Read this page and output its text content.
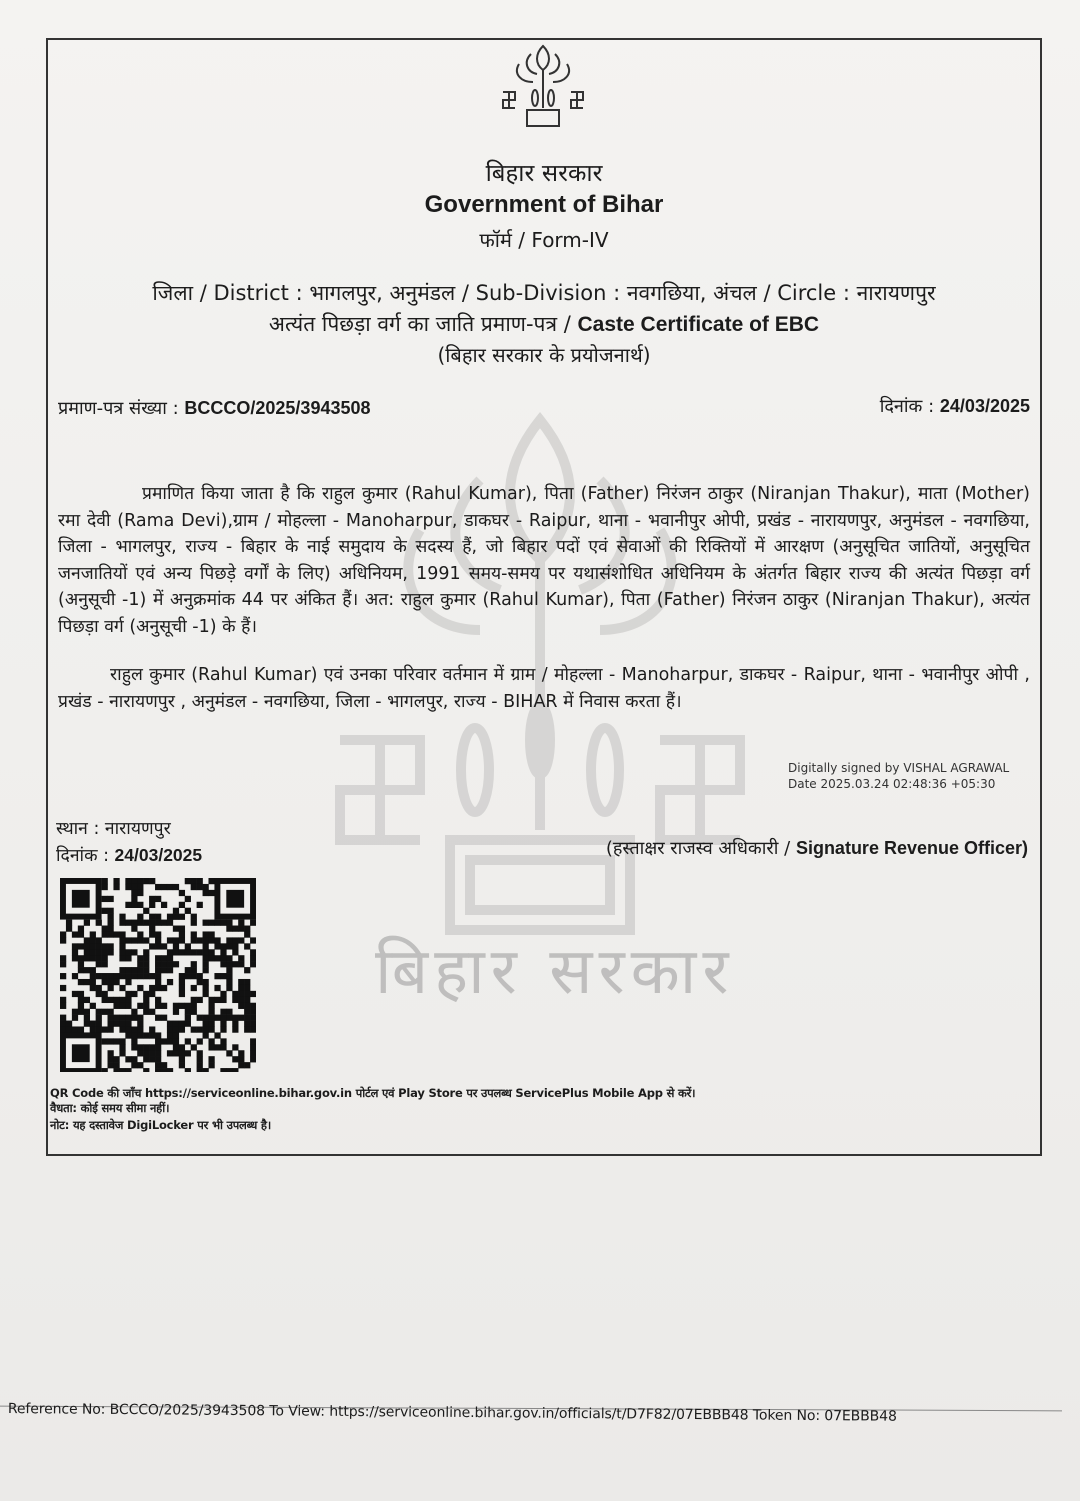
बिहार सरकार
बिहार सरकार
Government of Bihar
फॉर्म / Form-IV
जिला / District : भागलपुर, अनुमंडल / Sub-Division : नवगछिया, अंचल / Circle : नारायणपुर
अत्यंत पिछड़ा वर्ग का जाति प्रमाण-पत्र / Caste Certificate of EBC
(बिहार सरकार के प्रयोजनार्थ)
प्रमाण-पत्र संख्या : BCCCO/2025/3943508	दिनांक : 24/03/2025
प्रमाणित किया जाता है कि राहुल कुमार (Rahul Kumar), पिता (Father) निरंजन ठाकुर (Niranjan Thakur), माता (Mother) रमा देवी (Rama Devi),ग्राम / मोहल्ला - Manoharpur, डाकघर - Raipur, थाना - भवानीपुर ओपी, प्रखंड - नारायणपुर, अनुमंडल - नवगछिया, जिला - भागलपुर, राज्य - बिहार के नाई समुदाय के सदस्य हैं, जो बिहार पदों एवं सेवाओं की रिक्तियों में आरक्षण (अनुसूचित जातियों, अनुसूचित जनजातियों एवं अन्य पिछड़े वर्गों के लिए) अधिनियम, 1991 समय-समय पर यथासंशोधित अधिनियम के अंतर्गत बिहार राज्य की अत्यंत पिछड़ा वर्ग (अनुसूची -1) में अनुक्रमांक 44 पर अंकित हैं। अत: राहुल कुमार (Rahul Kumar), पिता (Father) निरंजन ठाकुर (Niranjan Thakur), अत्यंत पिछड़ा वर्ग (अनुसूची -1) के हैं।
राहुल कुमार (Rahul Kumar) एवं उनका परिवार वर्तमान में ग्राम / मोहल्ला - Manoharpur, डाकघर - Raipur, थाना - भवानीपुर ओपी , प्रखंड - नारायणपुर , अनुमंडल - नवगछिया, जिला - भागलपुर, राज्य - BIHAR में निवास करता हैं।
Digitally signed by VISHAL AGRAWAL
Date 2025.03.24 02:48:36 +05:30
स्थान : नारायणपुर
दिनांक : 24/03/2025	(हस्ताक्षर राजस्व अधिकारी / Signature Revenue Officer)
QR Code की जाँच https://serviceonline.bihar.gov.in पोर्टल एवं Play Store पर उपलब्ध ServicePlus Mobile App से करें।
वैधता: कोई समय सीमा नहीं।
नोट: यह दस्तावेज DigiLocker पर भी उपलब्ध है।
Reference No: BCCCO/2025/3943508 To View: https://serviceonline.bihar.gov.in/officials/t/D7F82/07EBBB48 Token No: 07EBBB48
